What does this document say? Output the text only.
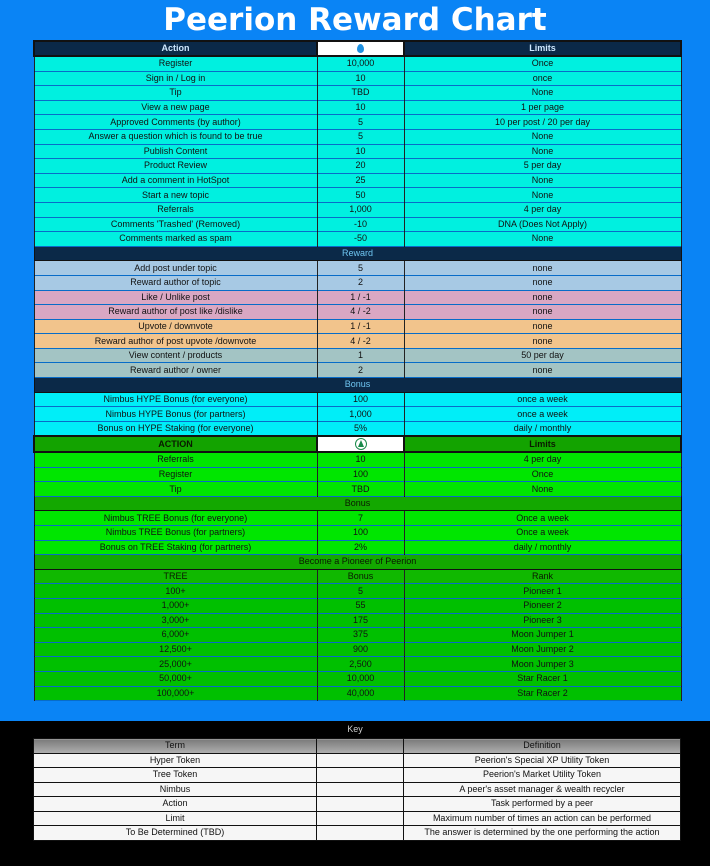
Peerion Reward Chart
Action		Limits
Register	10,000	Once
Sign in / Log in	10	once
Tip	TBD	None
View a new page	10	1 per page
Approved Comments (by author)	5	10 per post / 20 per day
Answer a question which is found to be true	5	None
Publish Content	10	None
Product Review	20	5 per day
Add a comment in HotSpot	25	None
Start a new topic	50	None
Referrals	1,000	4 per day
Comments 'Trashed' (Removed)	-10	DNA (Does Not Apply)
Comments marked as spam	-50	None
Reward		
Add post under topic	5	none
Reward author of topic	2	none
Like / Unlike post	1 / -1	none
Reward author of post like /dislike	4 / -2	none
Upvote / downvote	1 / -1	none
Reward author of post upvote /downvote	4 / -2	none
View content / products	1	50 per day
Reward author / owner	2	none
Bonus		
Nimbus HYPE Bonus (for everyone)	100	once a week
Nimbus HYPE Bonus (for partners)	1,000	once a week
Bonus on HYPE Staking (for everyone)	5%	daily / monthly
ACTION		Limits
Referrals	10	4 per day
Register	100	Once
Tip	TBD	None
Bonus		
Nimbus TREE Bonus (for everyone)	7	Once a week
Nimbus TREE Bonus (for partners)	100	Once a week
Bonus on TREE Staking (for partners)	2%	daily / monthly
Become a Pioneer of Peerion		
TREE	Bonus	Rank
100+	5	Pioneer 1
1,000+	55	Pioneer 2
3,000+	175	Pioneer 3
6,000+	375	Moon Jumper 1
12,500+	900	Moon Jumper 2
25,000+	2,500	Moon Jumper 3
50,000+	10,000	Star Racer 1
100,000+	40,000	Star Racer 2
Key
Term		Definition
Hyper Token		Peerion's Special XP Utility Token
Tree Token		Peerion's Market Utility Token
Nimbus		A peer's asset manager & wealth recycler
Action		Task performed by a peer
Limit		Maximum number of times an action can be performed
To Be Determined (TBD)		The answer is determined by the one performing the action
